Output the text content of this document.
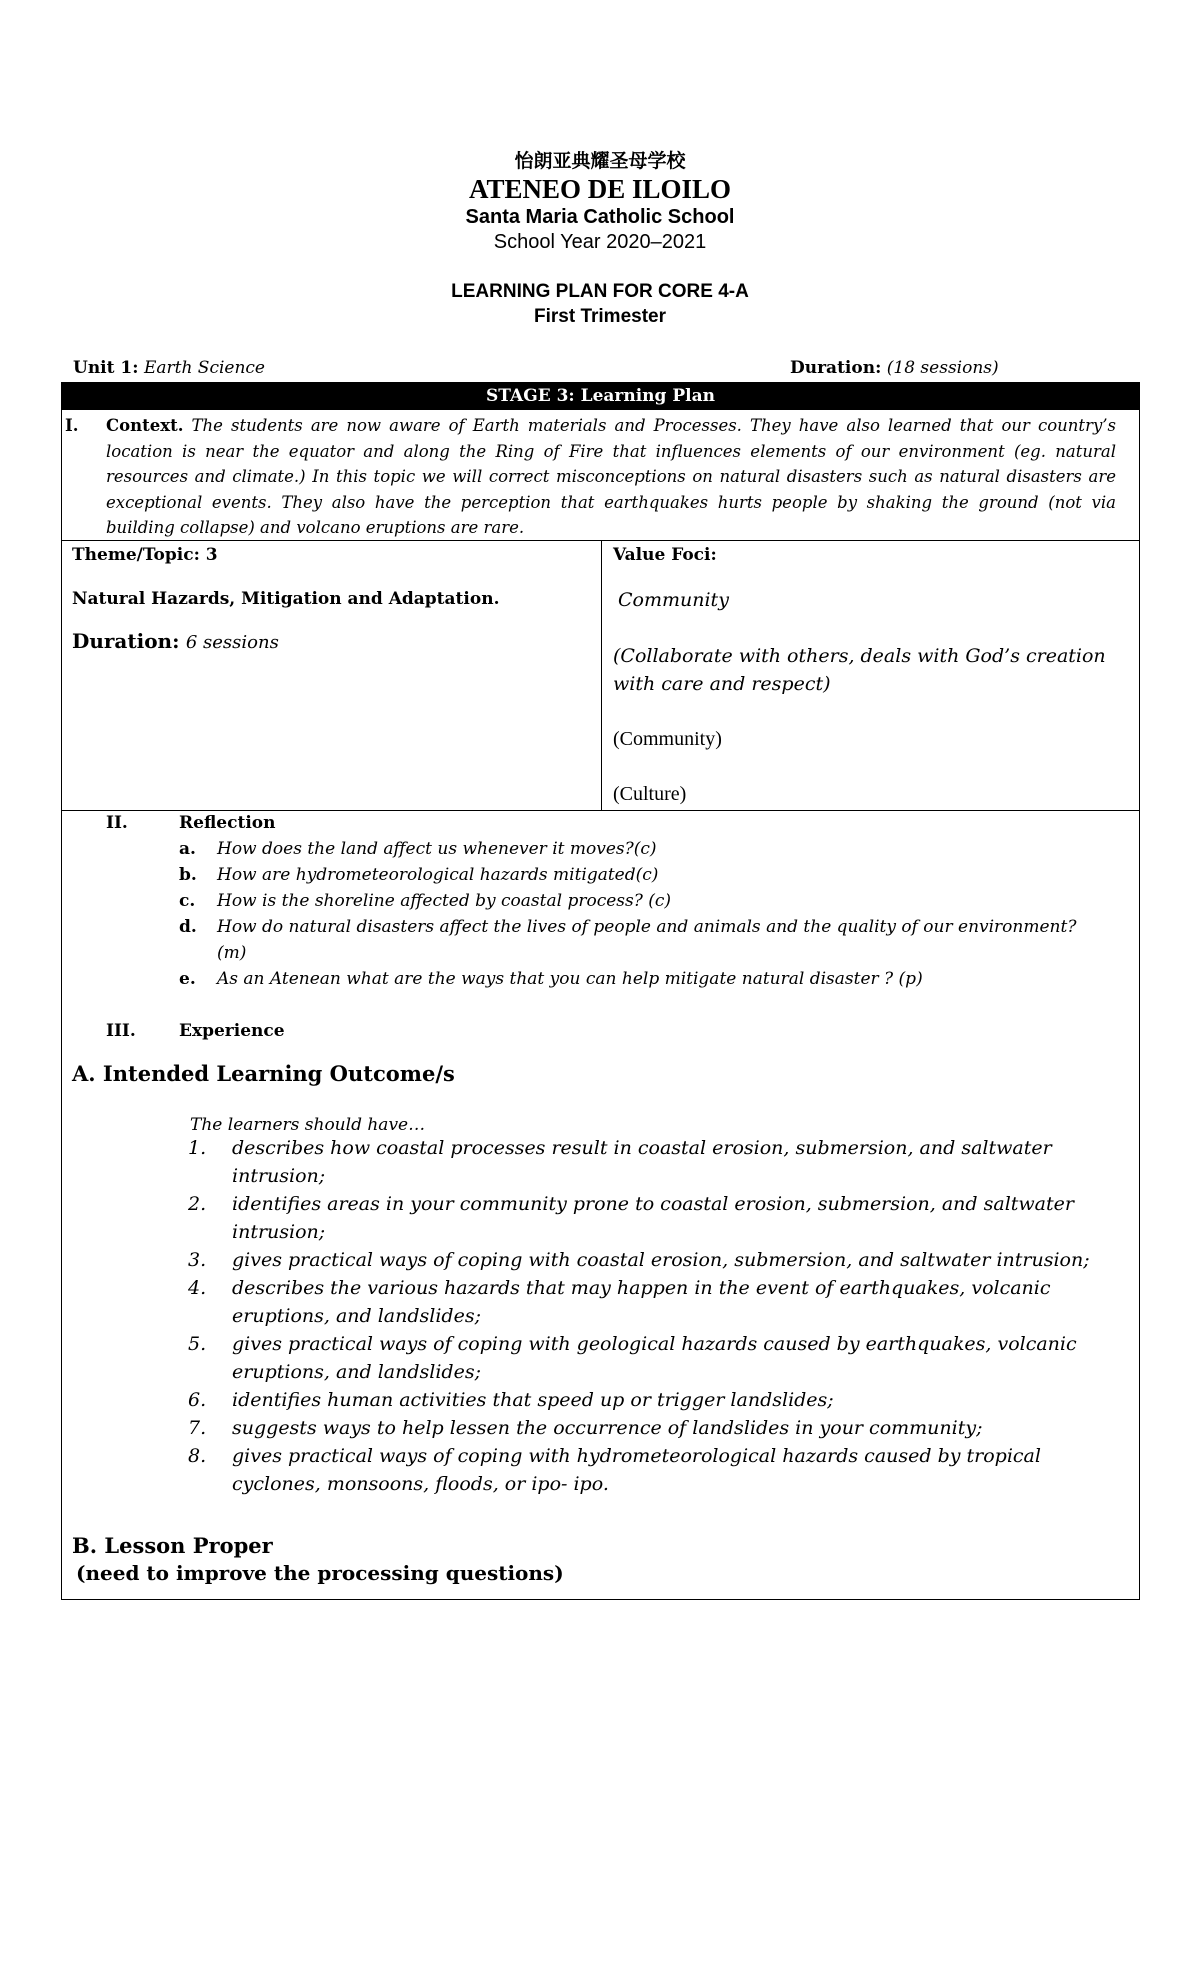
怡朗亚典耀圣母学校
ATENEO DE ILOILO
Santa Maria Catholic School
School Year 2020–2021
LEARNING PLAN FOR CORE 4-A
First Trimester
Unit 1: Earth Science	Duration: (18 sessions)
STAGE 3: Learning Plan
I. Context. The students are now aware of Earth materials and Processes. They have also learned that our country’s location is near the equator and along the Ring of Fire that influences elements of our environment (eg. natural resources and climate.) In this topic we will correct misconceptions on natural disasters such as natural disasters are exceptional events. They also have the perception that earthquakes hurts people by shaking the ground (not via building collapse) and volcano eruptions are rare.
Theme/Topic: 3
Natural Hazards, Mitigation and Adaptation.
Duration: 6 sessions
Value Foci:
Community
(Collaborate with others, deals with God’s creation
with care and respect)
(Community)
(Culture)
II.	Reflection
a. How does the land affect us whenever it moves?(c)
b. How are hydrometeorological hazards mitigated(c)
c. How is the shoreline affected by coastal process? (c)
d. How do natural disasters affect the lives of people and animals and the quality of our environment?
(m)
e. As an Atenean what are the ways that you can help mitigate natural disaster ? (p)
III.	Experience
A. Intended Learning Outcome/s
The learners should have…
1. describes how coastal processes result in coastal erosion, submersion, and saltwater
intrusion;
2. identifies areas in your community prone to coastal erosion, submersion, and saltwater
intrusion;
3. gives practical ways of coping with coastal erosion, submersion, and saltwater intrusion;
4. describes the various hazards that may happen in the event of earthquakes, volcanic
eruptions, and landslides;
5. gives practical ways of coping with geological hazards caused by earthquakes, volcanic
eruptions, and landslides;
6. identifies human activities that speed up or trigger landslides;
7. suggests ways to help lessen the occurrence of landslides in your community;
8. gives practical ways of coping with hydrometeorological hazards caused by tropical
cyclones, monsoons, floods, or ipo- ipo.
B. Lesson Proper
(need to improve the processing questions)
